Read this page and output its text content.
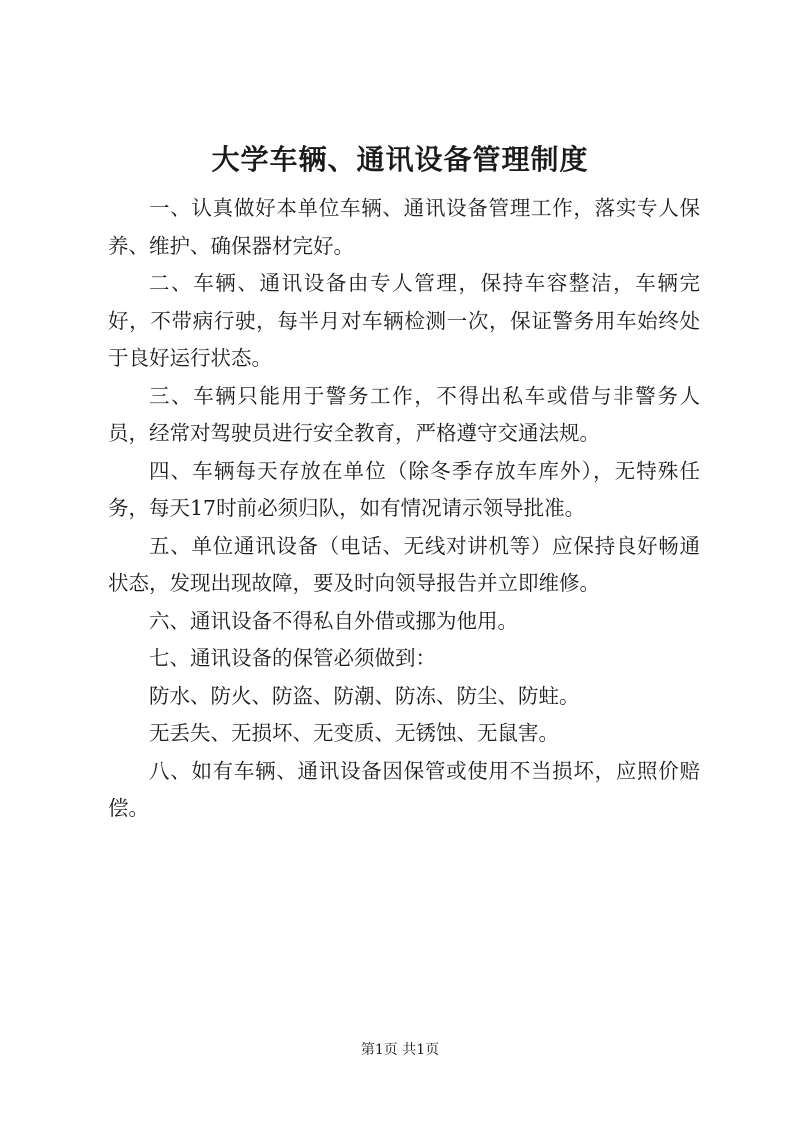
大学车辆、通讯设备管理制度

一、认真做好本单位车辆、通讯设备管理工作，落实专人保养、维护、确保器材完好。

二、车辆、通讯设备由专人管理，保持车容整洁，车辆完好，不带病行驶，每半月对车辆检测一次，保证警务用车始终处于良好运行状态。

三、车辆只能用于警务工作，不得出私车或借与非警务人员，经常对驾驶员进行安全教育，严格遵守交通法规。

四、车辆每天存放在单位（除冬季存放车库外），无特殊任务，每天17时前必须归队，如有情况请示领导批准。

五、单位通讯设备（电话、无线对讲机等）应保持良好畅通状态，发现出现故障，要及时向领导报告并立即维修。

六、通讯设备不得私自外借或挪为他用。

七、通讯设备的保管必须做到：

防水、防火、防盗、防潮、防冻、防尘、防蛀。

无丢失、无损坏、无变质、无锈蚀、无鼠害。

八、如有车辆、通讯设备因保管或使用不当损坏，应照价赔偿。

第1页 共1页
